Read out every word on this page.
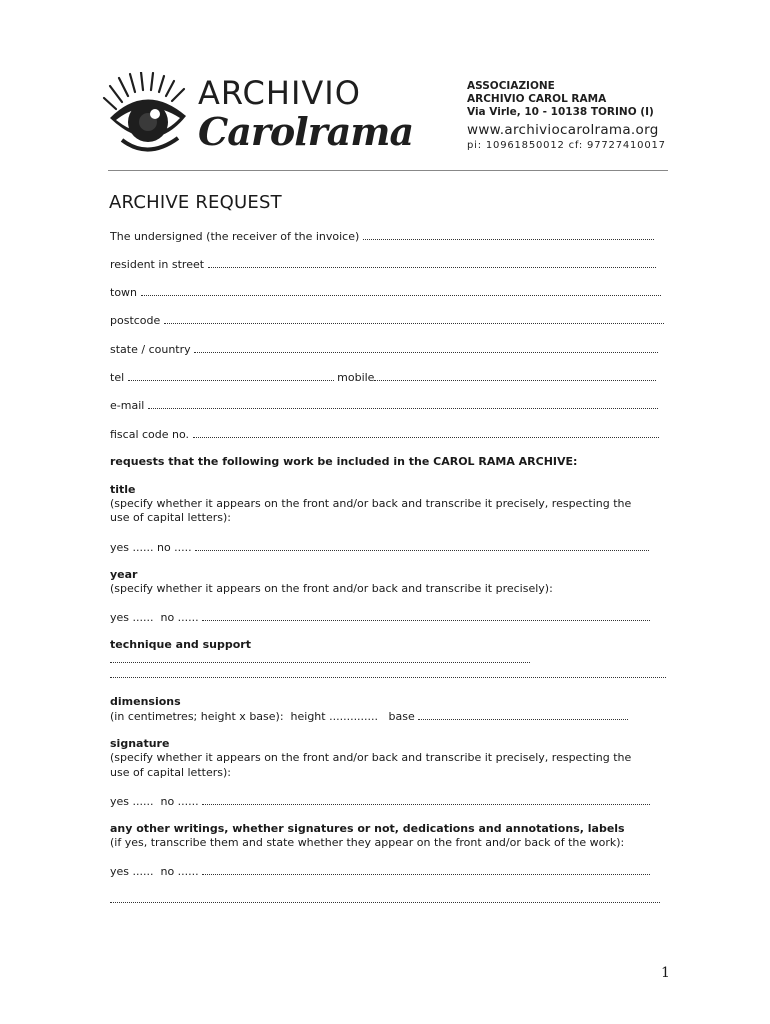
ARCHIVIO
Carolrama
ASSOCIAZIONE
ARCHIVIO CAROL RAMA
Via Virle, 10 - 10138 TORINO (I)
www.archiviocarolrama.org
pi: 10961850012 cf: 97727410017
ARCHIVE REQUEST
The undersigned (the receiver of the invoice)
resident in street
town
postcode
state / country
tel	mobile
e-mail
fiscal code no.
requests that the following work be included in the CAROL RAMA ARCHIVE:
title
(specify whether it appears on the front and/or back and transcribe it precisely, respecting the
use of capital letters):
yes ...... no .....
year
(specify whether it appears on the front and/or back and transcribe it precisely):
yes ......  no ......
technique and support
dimensions
(in centimetres; height x base):  height ..............   base
signature
(specify whether it appears on the front and/or back and transcribe it precisely, respecting the
use of capital letters):
yes ......  no ......
any other writings, whether signatures or not, dedications and annotations, labels
(if yes, transcribe them and state whether they appear on the front and/or back of the work):
yes ......  no ......
1
